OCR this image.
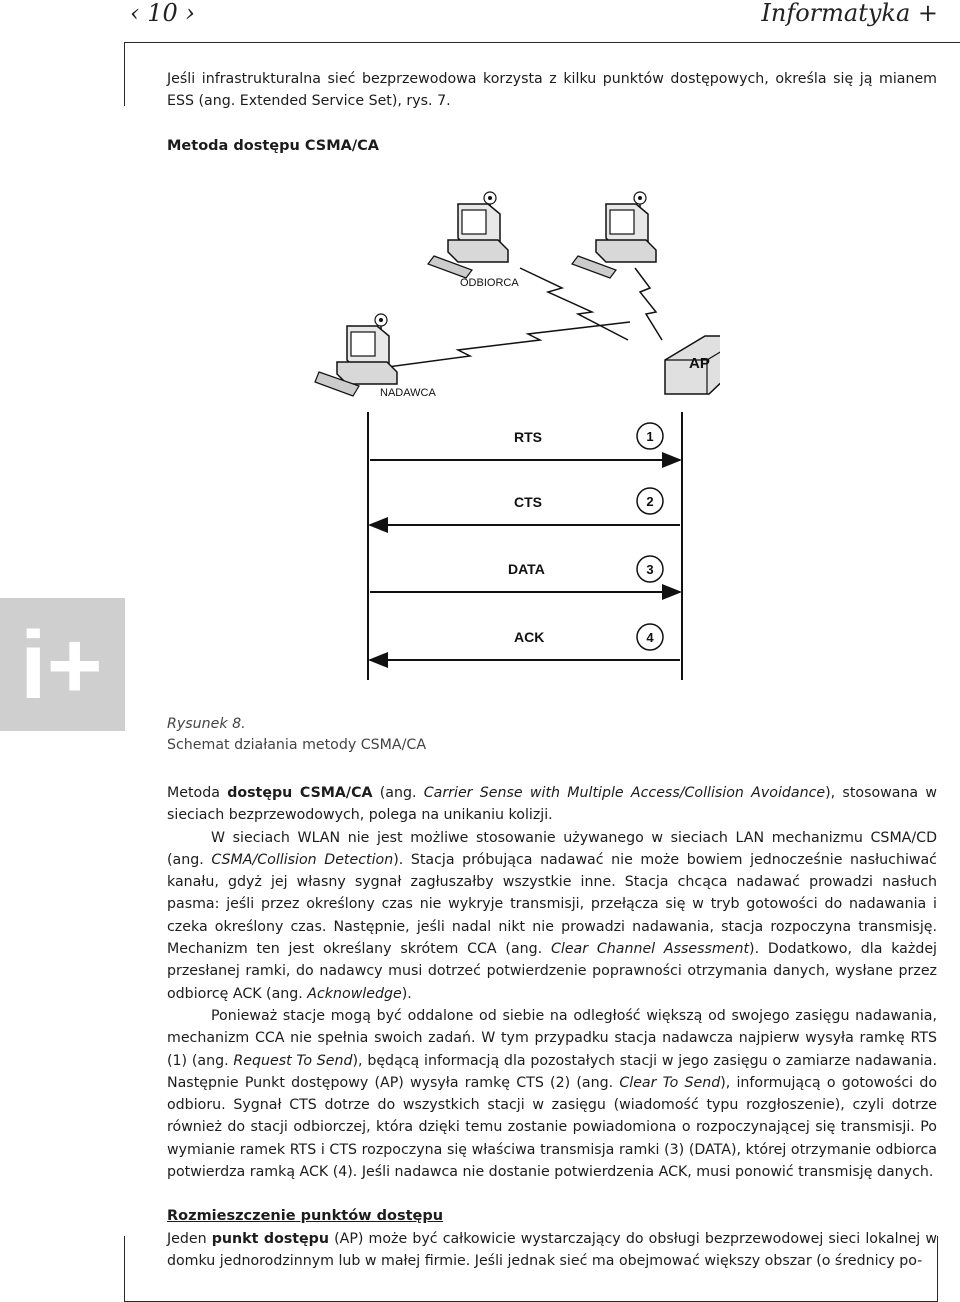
‹ 10 ›	Informatyka +

Jeśli infrastrukturalna sieć bezprzewodowa korzysta z kilku punktów dostępowych, określa się ją mianem ESS (ang. Extended Service Set), rys. 7.

Metoda dostępu CSMA/CA
ODBIORCA
NADAWCA
AP
RTS	1
CTS	2
DATA	3
ACK	4
i+
Rysunek 8.
Schemat działania metody CSMA/CA

Metoda dostępu CSMA/CA (ang. Carrier Sense with Multiple Access/Collision Avoidance), stosowana w sieciach bezprzewodowych, polega na unikaniu kolizji.

W sieciach WLAN nie jest możliwe stosowanie używanego w sieciach LAN mechanizmu CSMA/CD (ang. CSMA/Collision Detection). Stacja próbująca nadawać nie może bowiem jednocześnie nasłuchiwać kanału, gdyż jej własny sygnał zagłuszałby wszystkie inne. Stacja chcąca nadawać prowadzi nasłuch pasma: jeśli przez określony czas nie wykryje transmisji, przełącza się w tryb gotowości do nadawania i czeka określony czas. Następnie, jeśli nadal nikt nie prowadzi nadawania, stacja rozpoczyna transmisję. Mechanizm ten jest określany skrótem CCA (ang. Clear Channel Assessment). Dodatkowo, dla każdej przesłanej ramki, do nadawcy musi dotrzeć potwierdzenie poprawności otrzymania danych, wysłane przez odbiorcę ACK (ang. Acknowledge).

Ponieważ stacje mogą być oddalone od siebie na odległość większą od swojego zasięgu nadawania, mechanizm CCA nie spełnia swoich zadań. W tym przypadku stacja nadawcza najpierw wysyła ramkę RTS (1) (ang. Request To Send), będącą informacją dla pozostałych stacji w jego zasięgu o zamiarze nadawania. Następnie Punkt dostępowy (AP) wysyła ramkę CTS (2) (ang. Clear To Send), informującą o gotowości do odbioru. Sygnał CTS dotrze do wszystkich stacji w zasięgu (wiadomość typu rozgłoszenie), czyli dotrze również do stacji odbiorczej, która dzięki temu zostanie powiadomiona o rozpoczynającej się transmisji. Po wymianie ramek RTS i CTS rozpoczyna się właściwa transmisja ramki (3) (DATA), której otrzymanie odbiorca potwierdza ramką ACK (4). Jeśli nadawca nie dostanie potwierdzenia ACK, musi ponowić transmisję danych.

Rozmieszczenie punktów dostępu

Jeden punkt dostępu (AP) może być całkowicie wystarczający do obsługi bezprzewodowej sieci lokalnej w domku jednorodzinnym lub w małej firmie. Jeśli jednak sieć ma obejmować większy obszar (o średnicy po-
